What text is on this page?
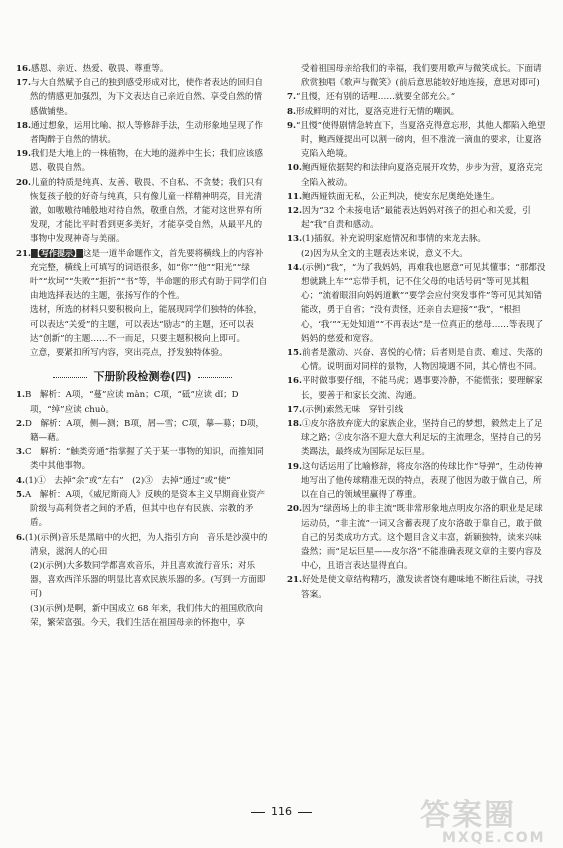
16.感恩、亲近、热爱、敬畏、尊重等。

17.与大自然赋予自己的独到感受形成对比，使作者表达的回归自然的情感更加强烈，为下文表达自己亲近自然、享受自然的情感做铺垫。

18.通过想象，运用比喻、拟人等修辞手法，生动形象地呈现了作者陶醉于自然的情状。

19.我们是大地上的一株植物，在大地的滋养中生长；我们应该感恩、敬畏自然。

20.儿童的特质是纯真、友善、敬畏、不自私、不贪婪；我们只有恢复孩子般的好奇与纯真，只有像儿童一样精神明亮，目光清澈，如嗷嗷待哺般地对待自然，敬重自然，才能对这世界有所发现，才能比平时看到更多美好，才能享受自然，从最平凡的事物中发现神奇与美丽。

21. 【写作提示】 这是一道半命题作文，首先要将横线上的内容补充完整，横线上可填写的词语很多，如“你”“他”“阳光”“绿叶”“坎坷”“失败”“拒折”“书”等，半命题的形式有助于同学们自由地选择表达的主题，张扬写作的个性。

选材，所选的材料只要积极向上，能展现同学们独特的体验，可以表达“关爱”的主题，可以表达“励志”的主题，还可以表达“创新”的主题……不一而足，只要主题积极向上即可。

立意，要紧扣所写内容，突出亮点，抒发独特体验。

下册阶段检测卷(四)

1.B　解析：A项，“蔓”应读 màn；C项，“砥”应读 dǐ；D项，“绰”应读 chuò。

2.D　解析：A项，侧—测；B项，屑—雪；C项，摹—募；D项，籍—藉。

3.C　解析：“触类旁通”指掌握了关于某一事物的知识，而推知同类中其他事物。

4.(1)①　去掉“余”或“左右”　(2)③　去掉“通过”或“使”

5.A　解析：A项，《威尼斯商人》反映的是资本主义早期商业资产阶级与高利贷者之间的矛盾，但其中也存有民族、宗教的矛盾。

6.(1)(示例)音乐是黑暗中的火把，为人指引方向　音乐是沙漠中的清泉，滋润人的心田

(2)(示例)大多数同学都喜欢音乐，并且喜欢流行音乐；对乐器，喜欢西洋乐器的明显比喜欢民族乐器的多。(写到一方面即可)

(3)(示例)是啊，新中国成立 68 年来，我们伟大的祖国欣欣向荣，繁荣富强。今天，我们生活在祖国母亲的怀抱中，享

受着祖国母亲给我们的幸福，我们要用歌声与微笑成长。下面请欣赏独唱《歌声与微笑》(前后意思能较好地连接，意思对即可)

7.“且慢，还有别的话哩……就要全部充公。”

8.形成鲜明的对比，夏洛克进行无情的嘲讽。

9.“且慢”使得剧情急转直下，当夏洛克得意忘形，其他人都陷入绝望时，鲍西娅提出可以割一磅肉，但不准流一滴血的要求，让夏洛克陷入绝境。

10.鲍西娅依据契约和法律向夏洛克展开攻势，步步为营，夏洛克完全陷入被动。

11.鲍西娅铁面无私，公正判决，使安东尼奥绝处逢生。

12.因为“32 个未接电话”最能表达妈妈对孩子的担心和关爱，引起“我”自责和感动。

13.(1)插叙。补充说明家庭情况和事情的来龙去脉。

(2)因为从全文的主题表达来说，意义不大。

14.(示例)“我”，“为了我妈妈，再难我也愿意”可见其懂事；“那都没想就跳上车”“忘带手机，记不住父母的电话号码”等可见其粗心；“流着眼泪向妈妈道歉”“要学会应付突发事件”等可见其知错能改，勇于自省；“没有责怪，还亲自去迎接”“我”，“根担心，‘我’”“无处知道”“不再表达”是一位真正的慈母……等表现了妈妈的慈爱和宽容。

15.前者是激动、兴奋、喜悦的心情；后者则是自责、难过、失落的心情。说明面对同样的景物，人物因境遇不同，其心情也不同。

16.平时做事要仔细，不能马虎；遇事要冷静，不能慌张；要理解家长，要善于和家长交流、沟通。

17.(示例)索然无味　穿针引线

18.①皮尔洛放弃庞大的家族企业，坚持自己的梦想，毅然走上了足球之路；②皮尔洛不迎大意大利足坛的主流理念，坚持自己的另类踢法，最终成为国际足坛巨星。

19.这句话运用了比喻修辞，将皮尔洛的传球比作“导弹”，生动传神地写出了他传球精准无误的特点，表现了他因为敢于做自己，所以在自己的领域里赢得了尊重。

20.因为“绿茵场上的非主流”既非常形象地点明皮尔洛的职业是足球运动员，“非主流”一词又含蓄表现了皮尔洛敢于靠自己，敢于做自己的另类成功方式。这个题目含义丰富，新颖独特，读来兴味盎然；而“足坛巨星——皮尔洛”不能准确表现文章的主要内容及中心，且语言表达显得直白。

21.好处是使文章结构精巧，激发读者饶有趣味地不断往后读，寻找答案。

116	答案圈
MXQE.COM
